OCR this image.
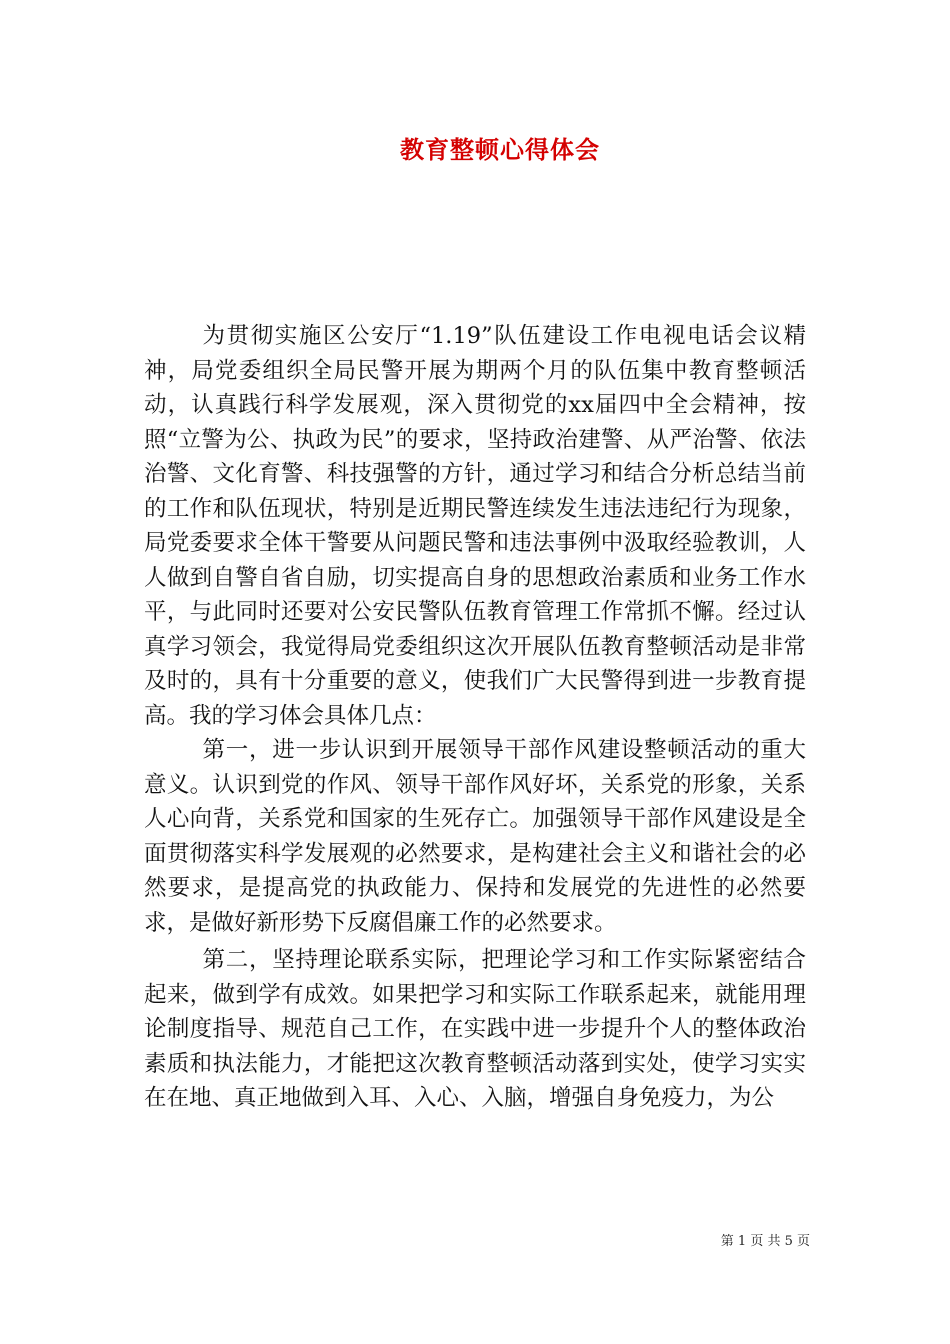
教育整顿心得体会

为贯彻实施区公安厅“1.19”队伍建设工作电视电话会议精神，局党委组织全局民警开展为期两个月的队伍集中教育整顿活动，认真践行科学发展观，深入贯彻党的xx届四中全会精神，按照“立警为公、执政为民”的要求，坚持政治建警、从严治警、依法治警、文化育警、科技强警的方针，通过学习和结合分析总结当前的工作和队伍现状，特别是近期民警连续发生违法违纪行为现象，局党委要求全体干警要从问题民警和违法事例中汲取经验教训，人人做到自警自省自励，切实提高自身的思想政治素质和业务工作水平，与此同时还要对公安民警队伍教育管理工作常抓不懈。经过认真学习领会，我觉得局党委组织这次开展队伍教育整顿活动是非常及时的，具有十分重要的意义，使我们广大民警得到进一步教育提高。我的学习体会具体几点：

第一，进一步认识到开展领导干部作风建设整顿活动的重大意义。认识到党的作风、领导干部作风好坏，关系党的形象，关系人心向背，关系党和国家的生死存亡。加强领导干部作风建设是全面贯彻落实科学发展观的必然要求，是构建社会主义和谐社会的必然要求，是提高党的执政能力、保持和发展党的先进性的必然要求，是做好新形势下反腐倡廉工作的必然要求。

第二，坚持理论联系实际，把理论学习和工作实际紧密结合起来，做到学有成效。如果把学习和实际工作联系起来，就能用理论制度指导、规范自己工作，在实践中进一步提升个人的整体政治素质和执法能力，才能把这次教育整顿活动落到实处，使学习实实在在地、真正地做到入耳、入心、入脑，增强自身免疫力，为公

第 1 页 共 5 页
